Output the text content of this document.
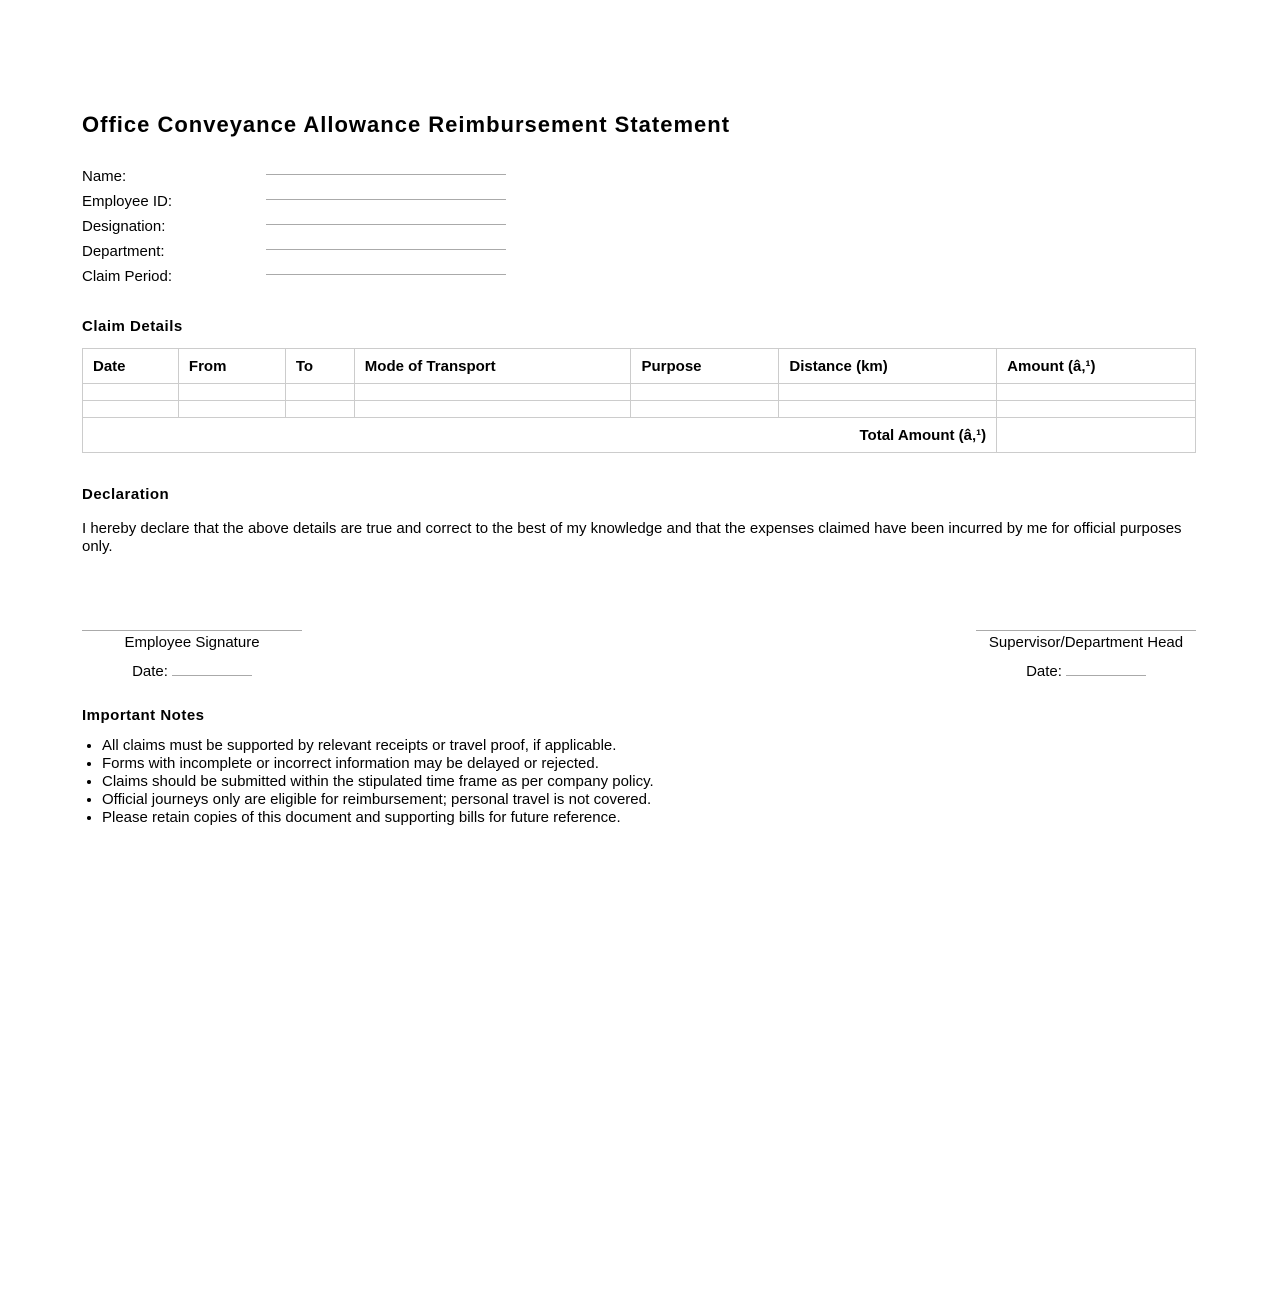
Office Conveyance Allowance Reimbursement Statement
Name:
Employee ID:
Designation:
Department:
Claim Period:
Claim Details
Date	From	To	Mode of Transport	Purpose	Distance (km)	Amount (â‚¹)

Total Amount (â‚¹)						
Declaration

I hereby declare that the above details are true and correct to the best of my knowledge and that the expenses claimed have been incurred by me for official purposes only.

Employee Signature
Date:
Supervisor/Department Head
Date:
Important Notes
• All claims must be supported by relevant receipts or travel proof, if applicable.
• Forms with incomplete or incorrect information may be delayed or rejected.
• Claims should be submitted within the stipulated time frame as per company policy.
• Official journeys only are eligible for reimbursement; personal travel is not covered.
• Please retain copies of this document and supporting bills for future reference.
